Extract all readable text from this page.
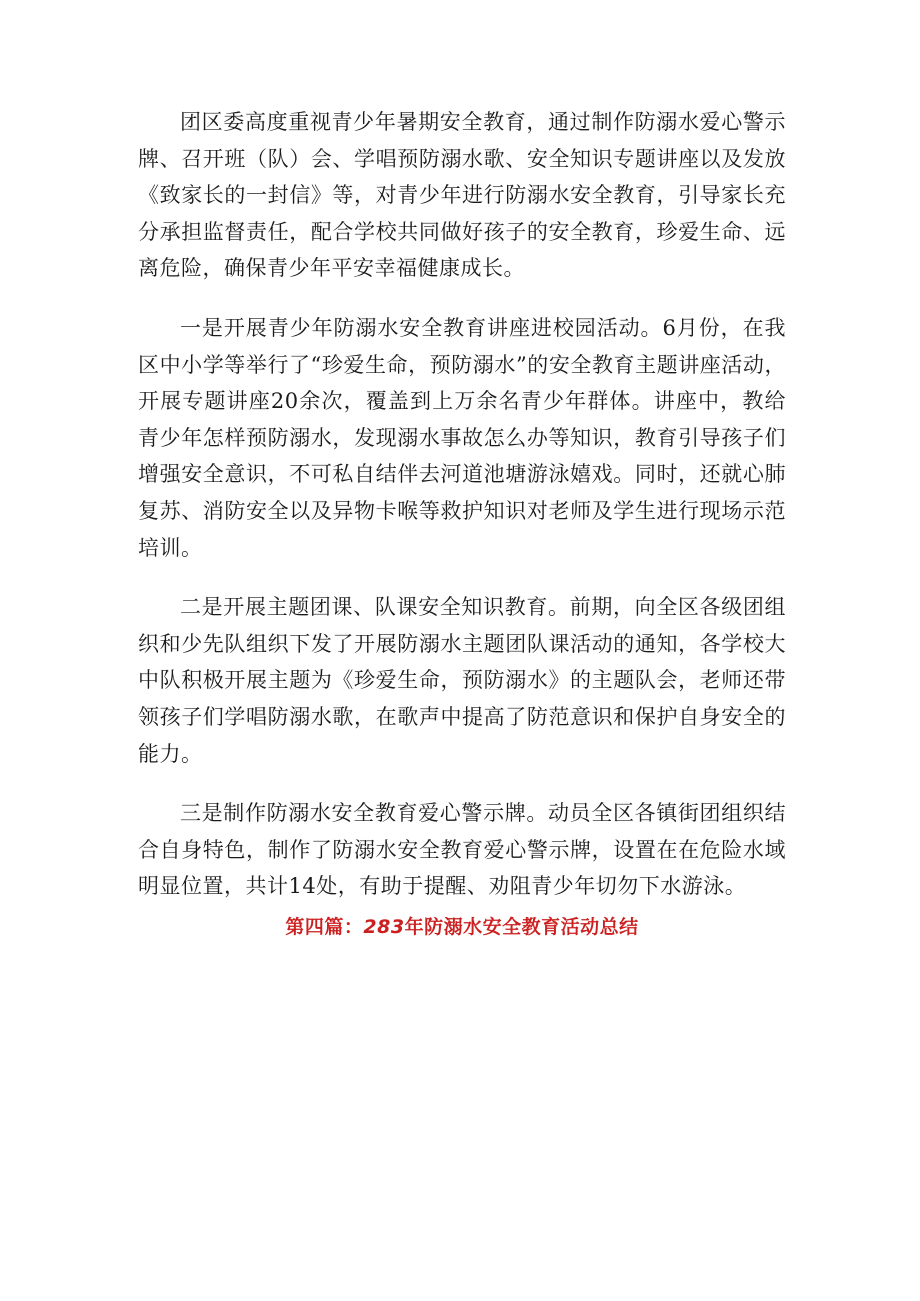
团区委高度重视青少年暑期安全教育，通过制作防溺水爱心警示牌、召开班（队）会、学唱预防溺水歌、安全知识专题讲座以及发放《致家长的一封信》等，对青少年进行防溺水安全教育，引导家长充分承担监督责任，配合学校共同做好孩子的安全教育，珍爱生命、远离危险，确保青少年平安幸福健康成长。

一是开展青少年防溺水安全教育讲座进校园活动。6月份，在我区中小学等举行了“珍爱生命，预防溺水”的安全教育主题讲座活动，开展专题讲座20余次，覆盖到上万余名青少年群体。讲座中，教给青少年怎样预防溺水，发现溺水事故怎么办等知识，教育引导孩子们增强安全意识，不可私自结伴去河道池塘游泳嬉戏。同时，还就心肺复苏、消防安全以及异物卡喉等救护知识对老师及学生进行现场示范培训。

二是开展主题团课、队课安全知识教育。前期，向全区各级团组织和少先队组织下发了开展防溺水主题团队课活动的通知，各学校大中队积极开展主题为《珍爱生命，预防溺水》的主题队会，老师还带领孩子们学唱防溺水歌，在歌声中提高了防范意识和保护自身安全的能力。

三是制作防溺水安全教育爱心警示牌。动员全区各镇街团组织结合自身特色，制作了防溺水安全教育爱心警示牌，设置在在危险水域明显位置，共计14处，有助于提醒、劝阻青少年切勿下水游泳。

第四篇：283年防溺水安全教育活动总结
